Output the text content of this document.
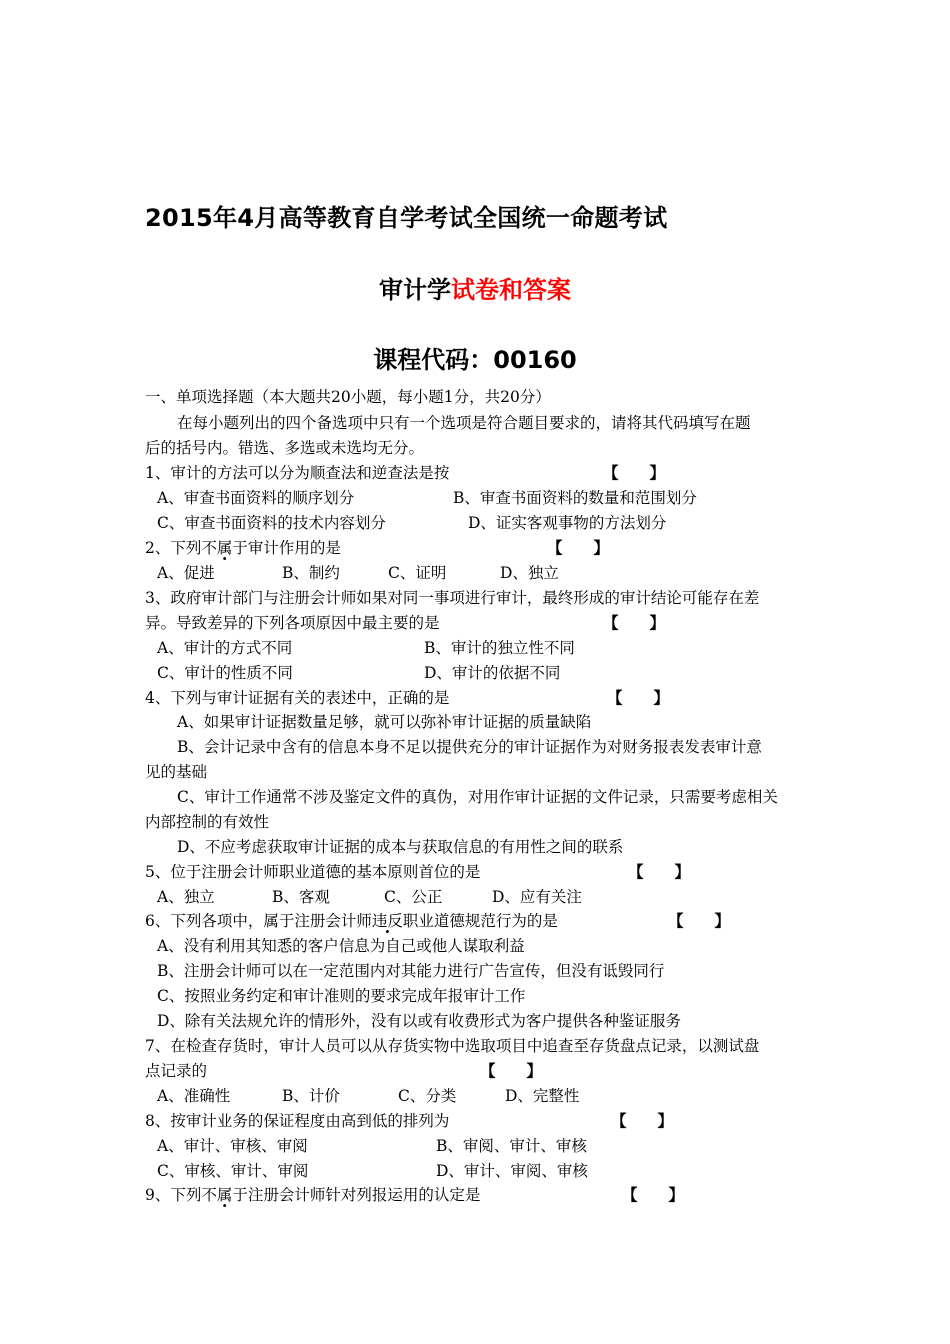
2015年4月高等教育自学考试全国统一命题考试
审计学试卷和答案
课程代码：00160
一、单项选择题（本大题共20小题，每小题1分，共20分）
在每小题列出的四个备选项中只有一个选项是符合题目要求的，请将其代码填写在题
后的括号内。错选、多选或未选均无分。
1、审计的方法可以分为顺查法和逆查法是按	【　　】
A、审查书面资料的顺序划分	B、审查书面资料的数量和范围划分
C、审查书面资料的技术内容划分	D、证实客观事物的方法划分
2、下列不属于审计作用的是	【　　】
A、促进	B、制约	C、证明	D、独立
3、政府审计部门与注册会计师如果对同一事项进行审计，最终形成的审计结论可能存在差
异。导致差异的下列各项原因中最主要的是	【　　】
A、审计的方式不同	B、审计的独立性不同
C、审计的性质不同	D、审计的依据不同
4、下列与审计证据有关的表述中，正确的是	【　　】
A、如果审计证据数量足够，就可以弥补审计证据的质量缺陷
B、会计记录中含有的信息本身不足以提供充分的审计证据作为对财务报表发表审计意
见的基础
C、审计工作通常不涉及鉴定文件的真伪，对用作审计证据的文件记录，只需要考虑相关
内部控制的有效性
D、不应考虑获取审计证据的成本与获取信息的有用性之间的联系
5、位于注册会计师职业道德的基本原则首位的是	【　　】
A、独立	B、客观	C、公正	D、应有关注
6、下列各项中，属于注册会计师违反职业道德规范行为的是	【　　】
A、没有利用其知悉的客户信息为自己或他人谋取利益
B、注册会计师可以在一定范围内对其能力进行广告宣传，但没有诋毁同行
C、按照业务约定和审计准则的要求完成年报审计工作
D、除有关法规允许的情形外，没有以或有收费形式为客户提供各种鉴证服务
7、在检查存货时，审计人员可以从存货实物中选取项目中追查至存货盘点记录，以测试盘
点记录的	【　　】
A、准确性	B、计价	C、分类	D、完整性
8、按审计业务的保证程度由高到低的排列为	【　　】
A、审计、审核、审阅	B、审阅、审计、审核
C、审核、审计、审阅	D、审计、审阅、审核
9、下列不属于注册会计师针对列报运用的认定是	【　　】
